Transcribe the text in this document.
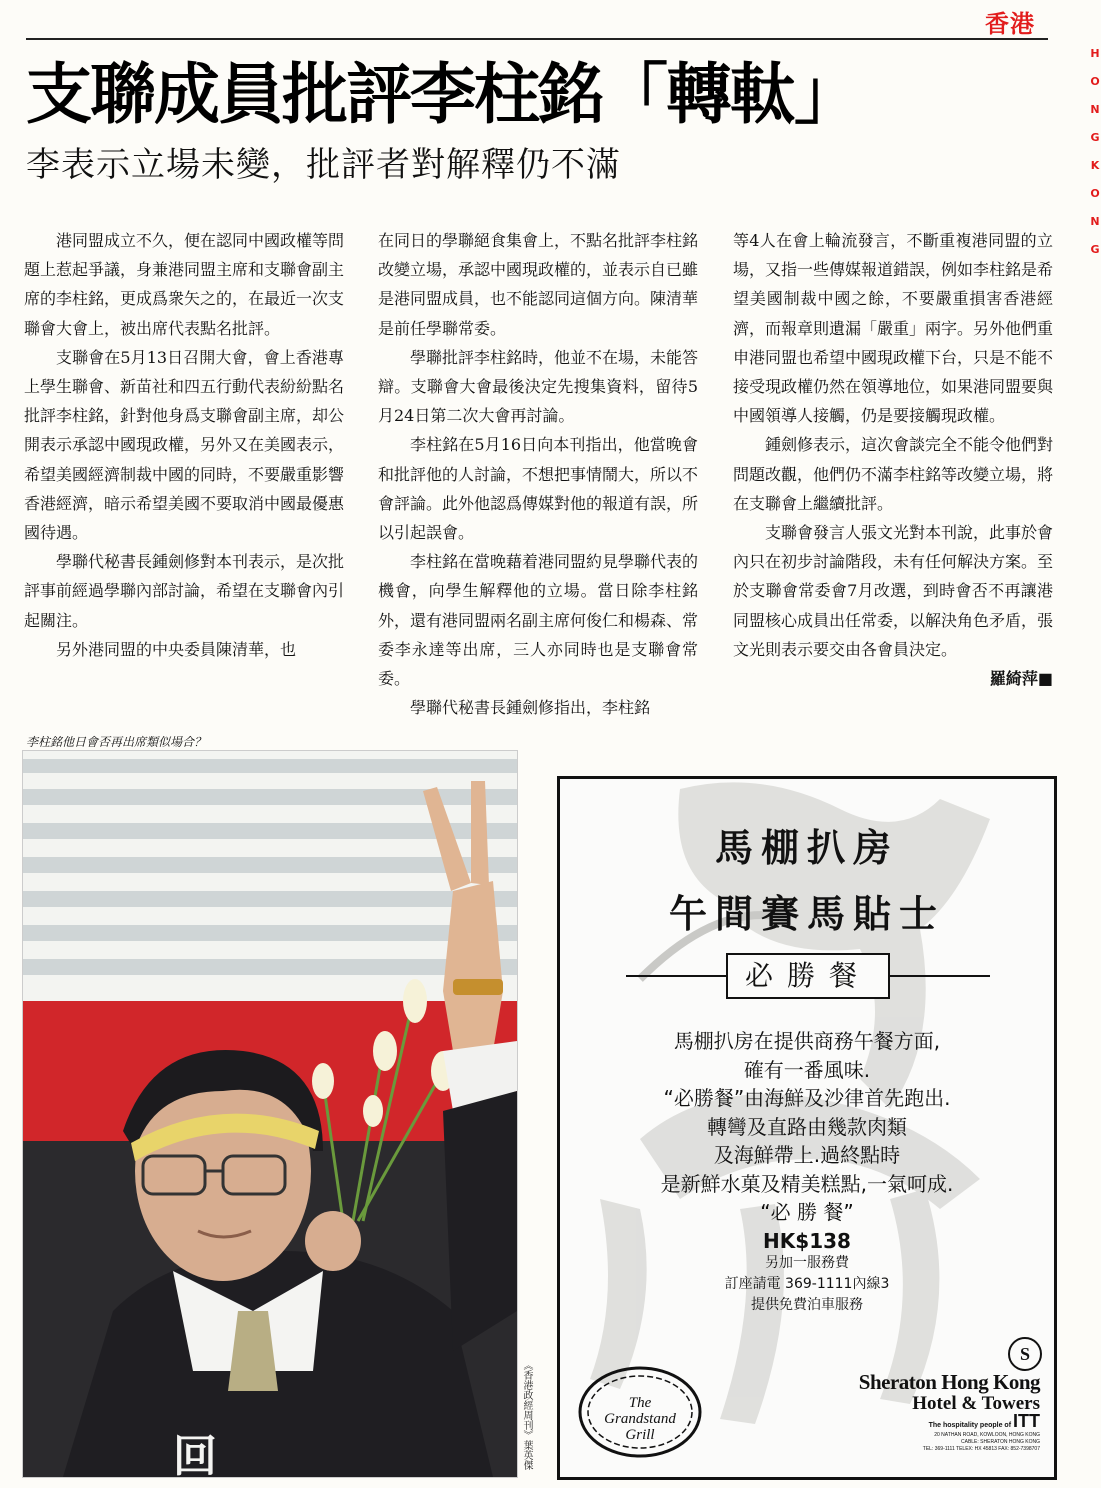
香港
H
O
N
G
K
O
N
G
支聯成員批評李柱銘「轉軚」
李表示立場未變，批評者對解釋仍不滿

港同盟成立不久，便在認同中國政權等問題上惹起爭議，身兼港同盟主席和支聯會副主席的李柱銘，更成爲衆矢之的，在最近一次支聯會大會上，被出席代表點名批評。

支聯會在5月13日召開大會，會上香港專上學生聯會、新苗社和四五行動代表紛紛點名批評李柱銘，針對他身爲支聯會副主席，却公開表示承認中國現政權，另外又在美國表示，希望美國經濟制裁中國的同時，不要嚴重影響香港經濟，暗示希望美國不要取消中國最優惠國待遇。

學聯代秘書長鍾劍修對本刊表示，是次批評事前經過學聯內部討論，希望在支聯會內引起關注。

另外港同盟的中央委員陳清華，也

在同日的學聯絕食集會上，不點名批評李柱銘改變立場，承認中國現政權的，並表示自已雖是港同盟成員，也不能認同這個方向。陳清華是前任學聯常委。

學聯批評李柱銘時，他並不在場，未能答辯。支聯會大會最後決定先搜集資料，留待5月24日第二次大會再討論。

李柱銘在5月16日向本刊指出，他當晚會和批評他的人討論，不想把事情鬧大，所以不會評論。此外他認爲傳媒對他的報道有誤，所以引起誤會。

李柱銘在當晚藉着港同盟約見學聯代表的機會，向學生解釋他的立場。當日除李柱銘外，還有港同盟兩名副主席何俊仁和楊森、常委李永達等出席，三人亦同時也是支聯會常委。

學聯代秘書長鍾劍修指出，李柱銘

等4人在會上輪流發言，不斷重複港同盟的立場，又指一些傳媒報道錯誤，例如李柱銘是希望美國制裁中國之餘，不要嚴重損害香港經濟，而報章則遺漏「嚴重」兩字。另外他們重申港同盟也希望中國現政權下台，只是不能不接受現政權仍然在領導地位，如果港同盟要與中國領導人接觸，仍是要接觸現政權。

鍾劍修表示，這次會談完全不能令他們對問題改觀，他們仍不滿李柱銘等改變立場，將在支聯會上繼續批評。

支聯會發言人張文光對本刊說，此事於會內只在初步討論階段，未有任何解決方案。至於支聯會常委會7月改選，到時會否不再讓港同盟核心成員出任常委，以解決角色矛盾，張文光則表示要交由各會員決定。

羅綺萍■
李柱銘他日會否再出席類似場合？
回	《香港政經周刊》葉英傑
馬棚扒房
午間賽馬貼士
必勝餐
馬棚扒房在提供商務午餐方面,
確有一番風味.
“必勝餐”由海鮮及沙律首先跑出.
轉彎及直路由幾款肉類
及海鮮帶上.過終點時
是新鮮水菓及精美糕點,一氣呵成.
“必 勝 餐”
HK$138
另加一服務費
訂座請電 369-1111內線3
提供免費泊車服務
The
Grandstand
Grill
S
Sheraton Hong Kong
Hotel & Towers
The hospitality people of ITT
20 NATHAN ROAD, KOWLOON, HONG KONG
CABLE: SHERATON HONG KONG
TEL: 369-1111 TELEX: HX 45813 FAX: 852-7398707
